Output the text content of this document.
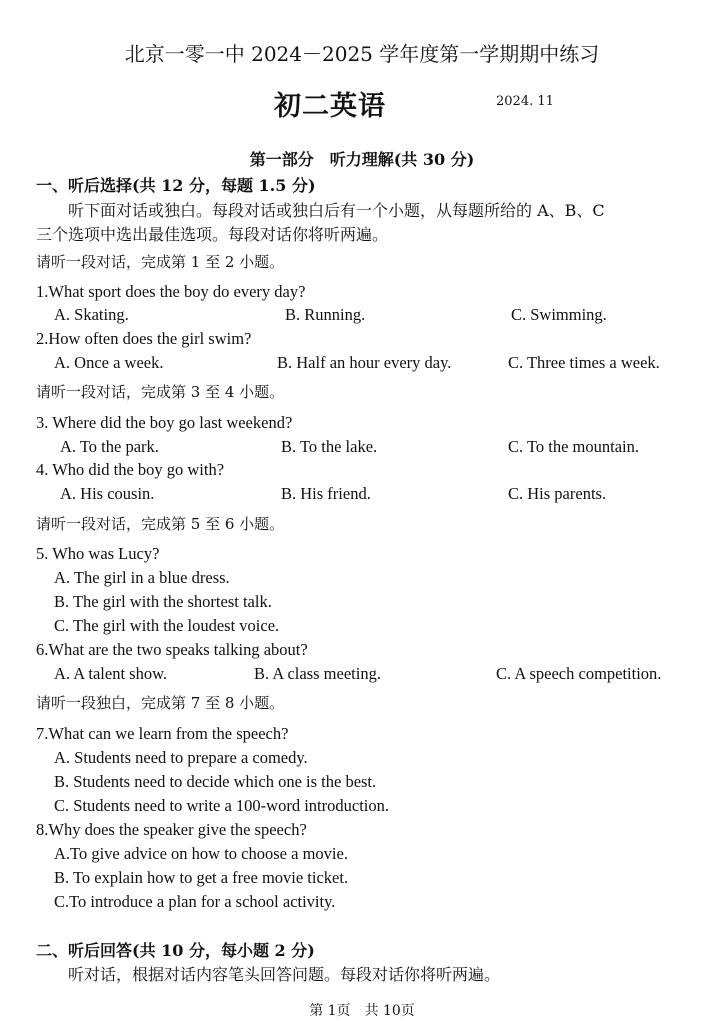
北京一零一中 2024－2025 学年度第一学期期中练习
初二英语	2024. 11
第一部分　听力理解(共 30 分)
一、听后选择(共 12 分，每题 1.5 分)
听下面对话或独白。每段对话或独白后有一个小题，从每题所给的 A、B、C
三个选项中选出最佳选项。每段对话你将听两遍。
请听一段对话，完成第 1 至 2 小题。
1.What sport does the boy do every day?
A. Skating.	B. Running.	C. Swimming.
2.How often does the girl swim?
A. Once a week.	B. Half an hour every day.	C. Three times a week.
请听一段对话，完成第 3 至 4 小题。
3. Where did the boy go last weekend?
A. To the park.	B. To the lake.	C. To the mountain.
4. Who did the boy go with?
A. His cousin.	B. His friend.	C. His parents.
请听一段对话，完成第 5 至 6 小题。
5. Who was Lucy?
A. The girl in a blue dress.
B. The girl with the shortest talk.
C. The girl with the loudest voice.
6.What are the two speaks talking about?
A. A talent show.	B. A class meeting.	C. A speech competition.
请听一段独白，完成第 7 至 8 小题。
7.What can we learn from the speech?
A. Students need to prepare a comedy.
B. Students need to decide which one is the best.
C. Students need to write a 100-word introduction.
8.Why does the speaker give the speech?
A.To give advice on how to choose a movie.
B. To explain how to get a free movie ticket.
C.To introduce a plan for a school activity.
二、听后回答(共 10 分，每小题 2 分)
听对话，根据对话内容笔头回答问题。每段对话你将听两遍。
第 1页　共 10页
